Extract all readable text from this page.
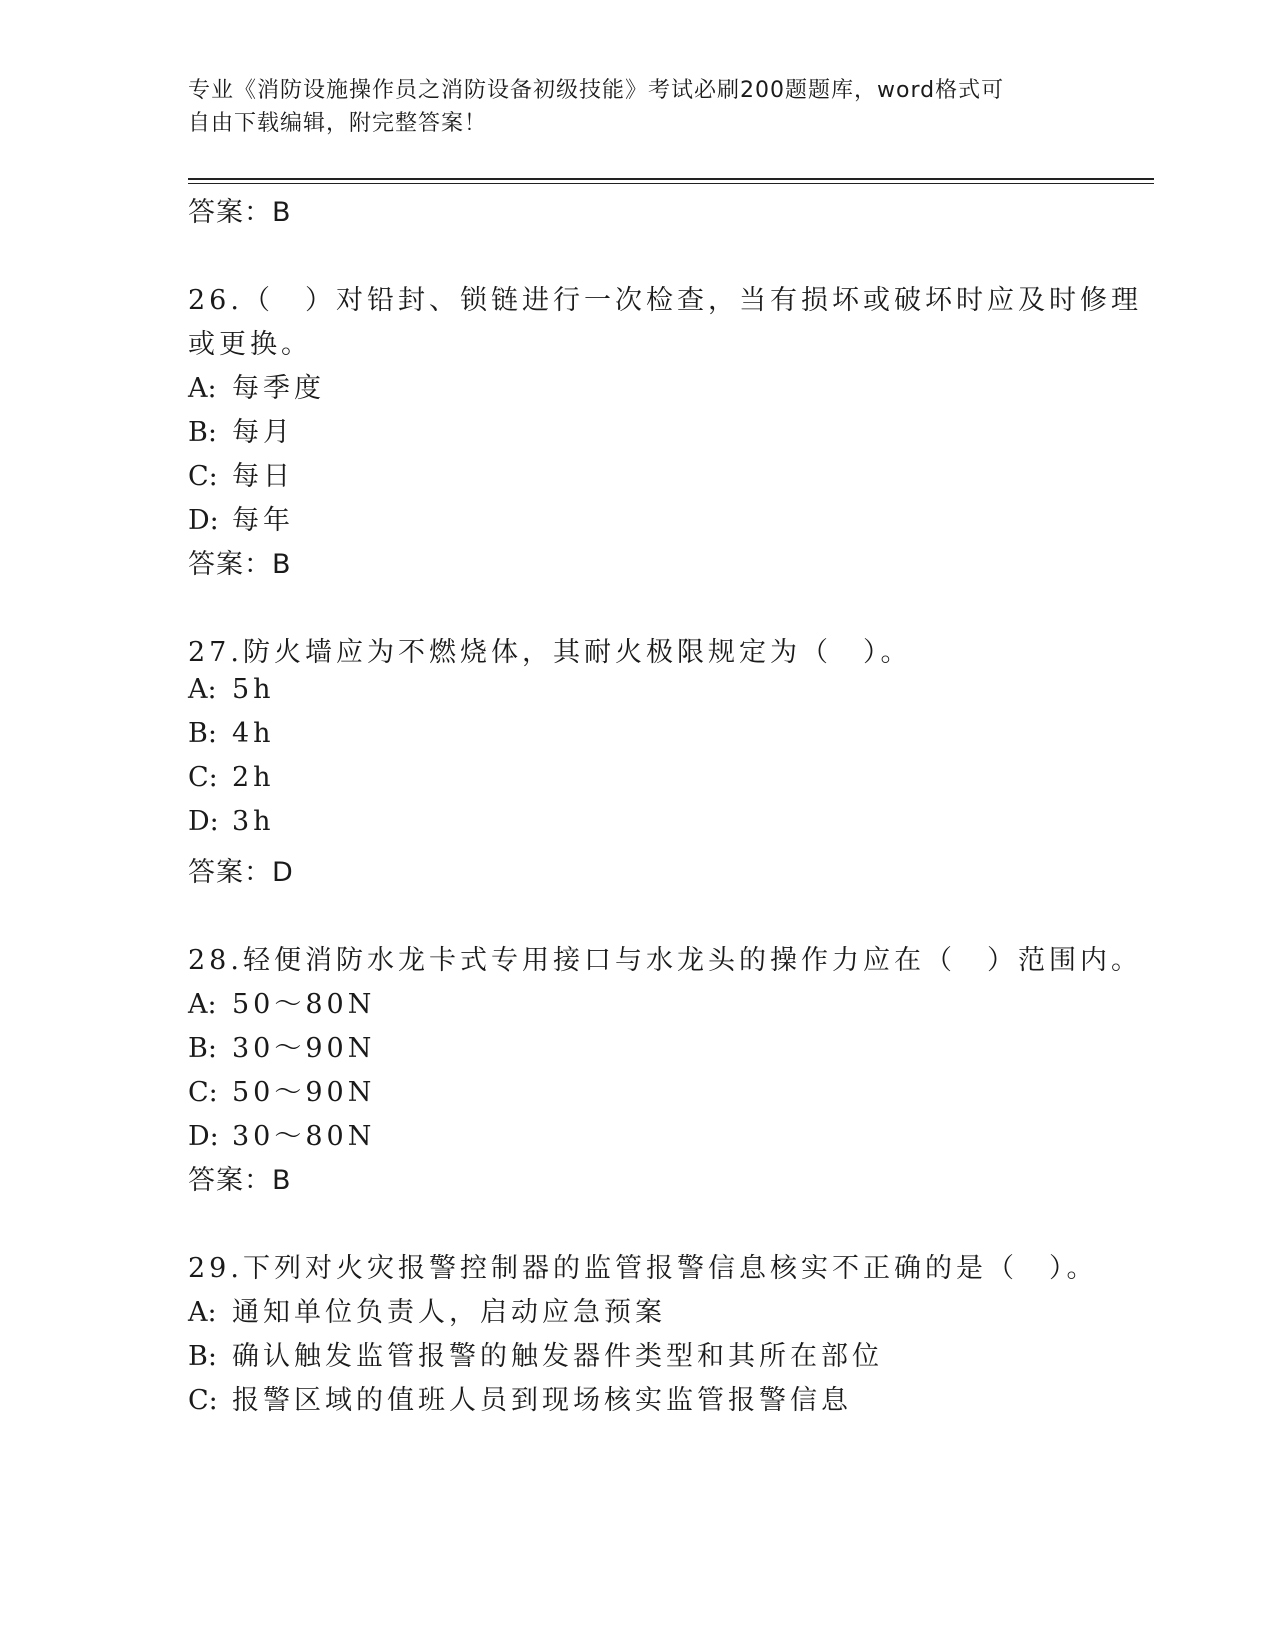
专业《消防设施操作员之消防设备初级技能》考试必刷200题题库，word格式可
自由下载编辑，附完整答案！
答案：B
26.（　）对铅封、锁链进行一次检查，当有损坏或破坏时应及时修理
或更换。
A: 每季度
B: 每月
C: 每日
D: 每年
答案：B
27.防火墙应为不燃烧体，其耐火极限规定为（　）。
A: 5h
B: 4h
C: 2h
D: 3h
答案：D
28.轻便消防水龙卡式专用接口与水龙头的操作力应在（　）范围内。
A: 50～80N
B: 30～90N
C: 50～90N
D: 30～80N
答案：B
29.下列对火灾报警控制器的监管报警信息核实不正确的是（　）。
A: 通知单位负责人，启动应急预案
B: 确认触发监管报警的触发器件类型和其所在部位
C: 报警区域的值班人员到现场核实监管报警信息
